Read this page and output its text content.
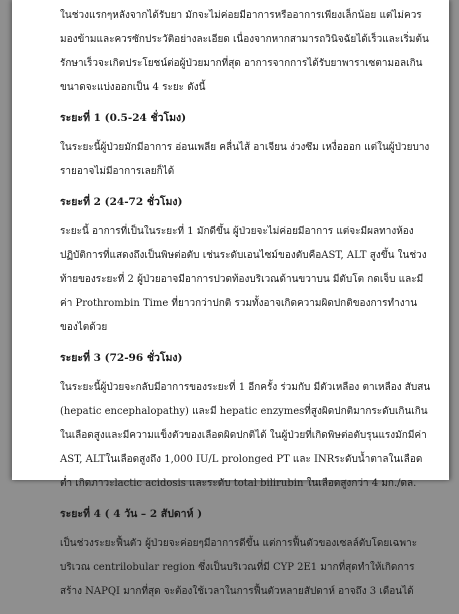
ในช่วงแรกๆหลังจากได้รับยา มักจะไม่ค่อยมีอาการหรืออาการเพียงเล็กน้อย แต่ไม่ควรมองข้ามและควรซักประวัติอย่างละเอียด เนื่องจากหากสามารถวินิจฉัยได้เร็วและเริ่มต้นรักษาเร็วจะเกิดประโยชน์ต่อผู้ป่วยมากที่สุด อาการจากการได้รับยาพาราเซตามอลเกินขนาดจะแบ่งออกเป็น 4 ระยะ ดังนี้

ระยะที่ 1 (0.5-24 ชั่วโมง)

ในระยะนี้ผู้ป่วยมักมีอาการ อ่อนเพลีย คลื่นไส้ อาเจียน ง่วงซึม เหงื่อออก แต่ในผู้ป่วยบางรายอาจไม่มีอาการเลยก็ได้

ระยะที่ 2 (24-72 ชั่วโมง)

ระยะนี้ อาการที่เป็นในระยะที่ 1 มักดีขึ้น ผู้ป่วยจะไม่ค่อยมีอาการ แต่จะมีผลทางห้องปฏิบัติการที่แสดงถึงเป็นพิษต่อตับ เช่นระดับเอนไซม์ของตับคือAST, ALT สูงขึ้น ในช่วงท้ายของระยะที่ 2 ผู้ป่วยอาจมีอาการปวดท้องบริเวณด้านขวาบน มีตับโต กดเจ็บ และมี ค่า Prothrombin Time ที่ยาวกว่าปกติ รวมทั้งอาจเกิดความผิดปกติของการทำงานของไตด้วย

ระยะที่ 3 (72-96 ชั่วโมง)

ในระยะนี้ผู้ป่วยจะกลับมีอาการของระยะที่ 1 อีกครั้ง ร่วมกับ มีตัวเหลือง ตาเหลือง สับสน (hepatic encephalopathy) และมี hepatic enzymesที่สูงผิดปกติมากระดับเกินเกินในเลือดสูงและมีความแข็งตัวของเลือดผิดปกติได้ ในผู้ป่วยที่เกิดพิษต่อตับรุนแรงมักมีค่า AST, ALTในเลือดสูงถึง 1,000 IU/L prolonged PT และ INRระดับน้ำตาลในเลือดต่ำ เกิดภาวะlactic acidosis และระดับ total bilirubin ในเลือดสูงกว่า 4 มก./ดล.

ระยะที่ 4 ( 4 วัน – 2 สัปดาห์ )

เป็นช่วงระยะฟื้นตัว ผู้ป่วยจะค่อยๆมีอาการดีขึ้น แต่การฟื้นตัวของเซลล์ตับโดยเฉพาะบริเวณ centrilobular region ซึ่งเป็นบริเวณที่มี CYP 2E1 มากที่สุดทำให้เกิดการสร้าง NAPQI มากที่สุด จะต้องใช้เวลาในการฟื้นตัวหลายสัปดาห์ อาจถึง 3 เดือนได้
